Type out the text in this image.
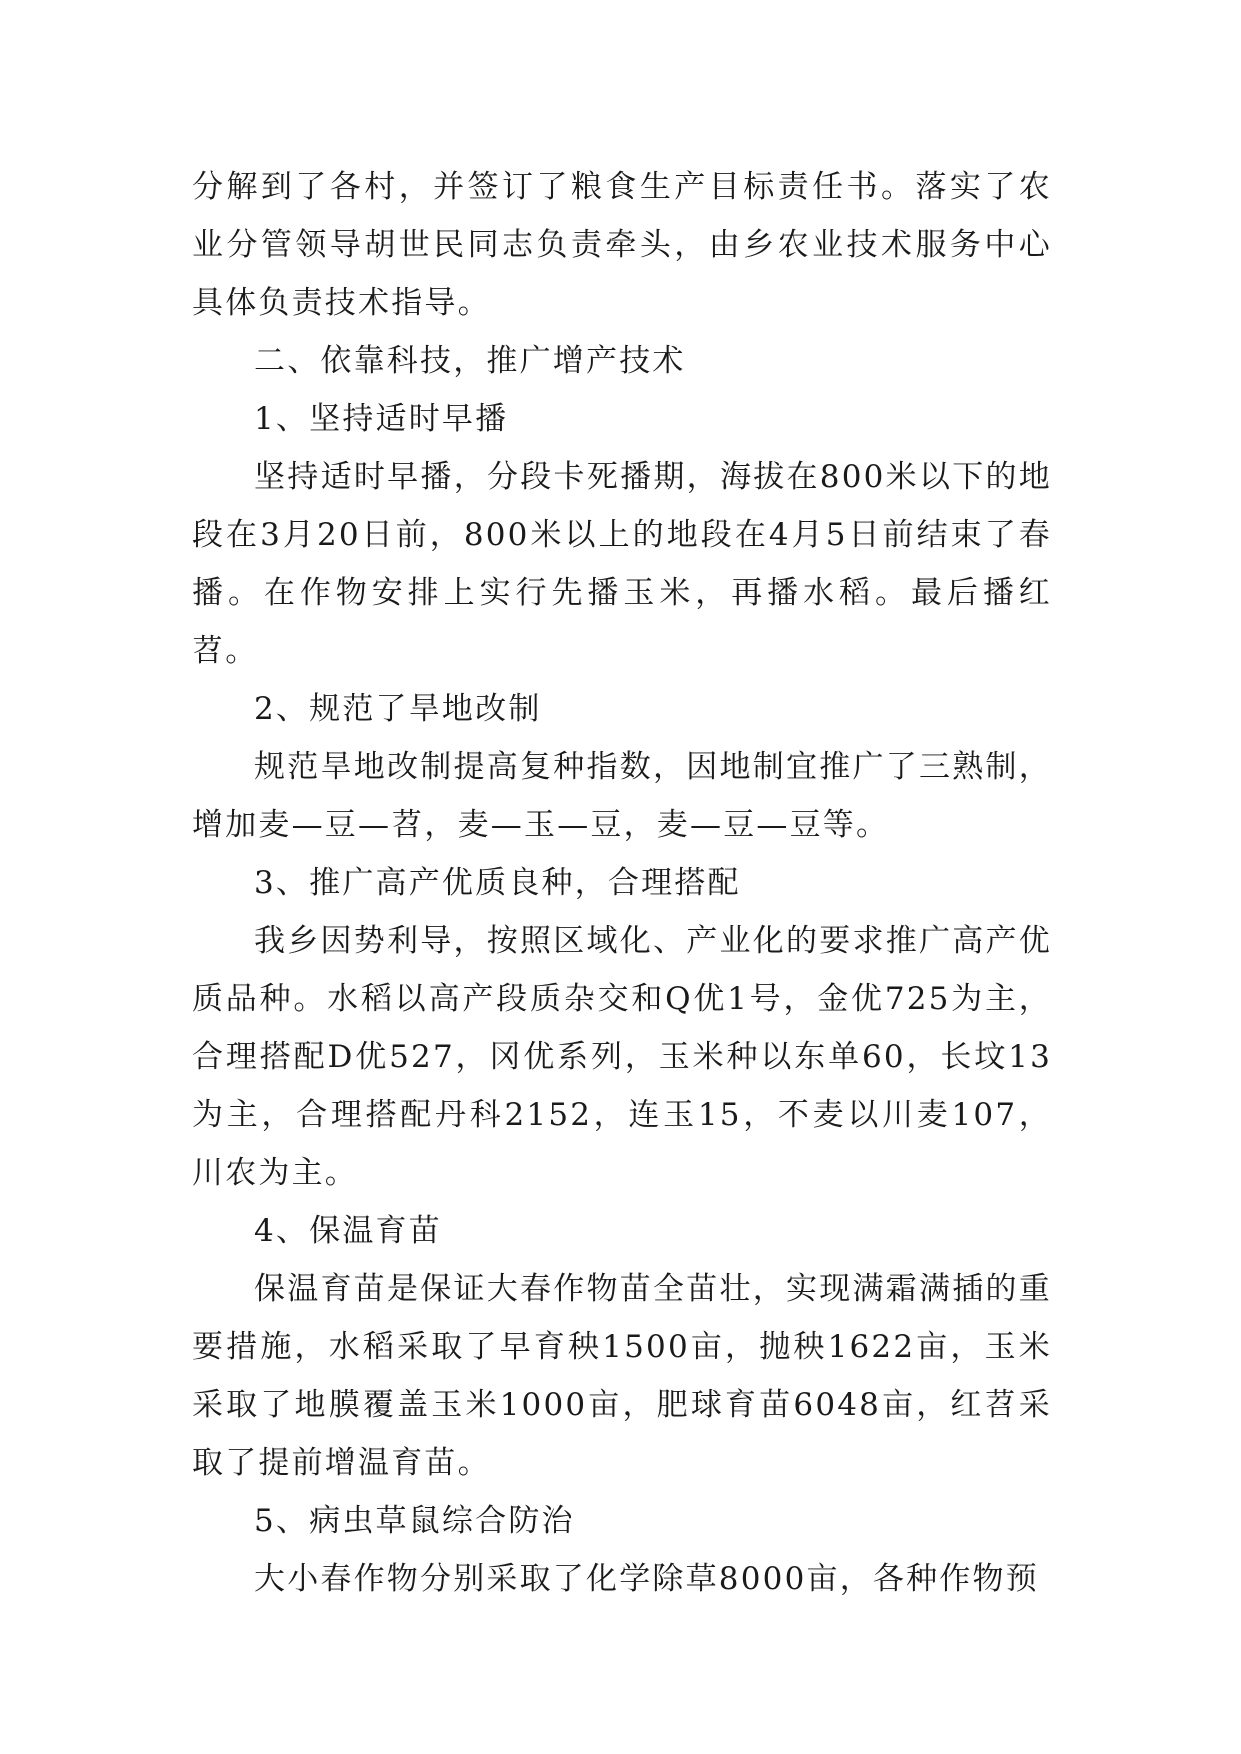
分解到了各村，并签订了粮食生产目标责任书。落实了农业分管领导胡世民同志负责牵头，由乡农业技术服务中心具体负责技术指导。

二、依靠科技，推广增产技术

1、坚持适时早播

坚持适时早播，分段卡死播期，海拔在800米以下的地段在3月20日前，800米以上的地段在4月5日前结束了春播。在作物安排上实行先播玉米，再播水稻。最后播红苕。

2、规范了旱地改制

规范旱地改制提高复种指数，因地制宜推广了三熟制，增加麦—豆—苕，麦—玉—豆，麦—豆—豆等。

3、推广高产优质良种，合理搭配

我乡因势利导，按照区域化、产业化的要求推广高产优质品种。水稻以高产段质杂交和Q优1号，金优725为主，合理搭配D优527，冈优系列，玉米种以东单60，长坟13为主，合理搭配丹科2152，连玉15，不麦以川麦107，川农为主。

4、保温育苗

保温育苗是保证大春作物苗全苗壮，实现满霜满插的重要措施，水稻采取了早育秧1500亩，抛秧1622亩，玉米采取了地膜覆盖玉米1000亩，肥球育苗6048亩，红苕采取了提前增温育苗。

5、病虫草鼠综合防治

大小春作物分别采取了化学除草8000亩，各种作物预
